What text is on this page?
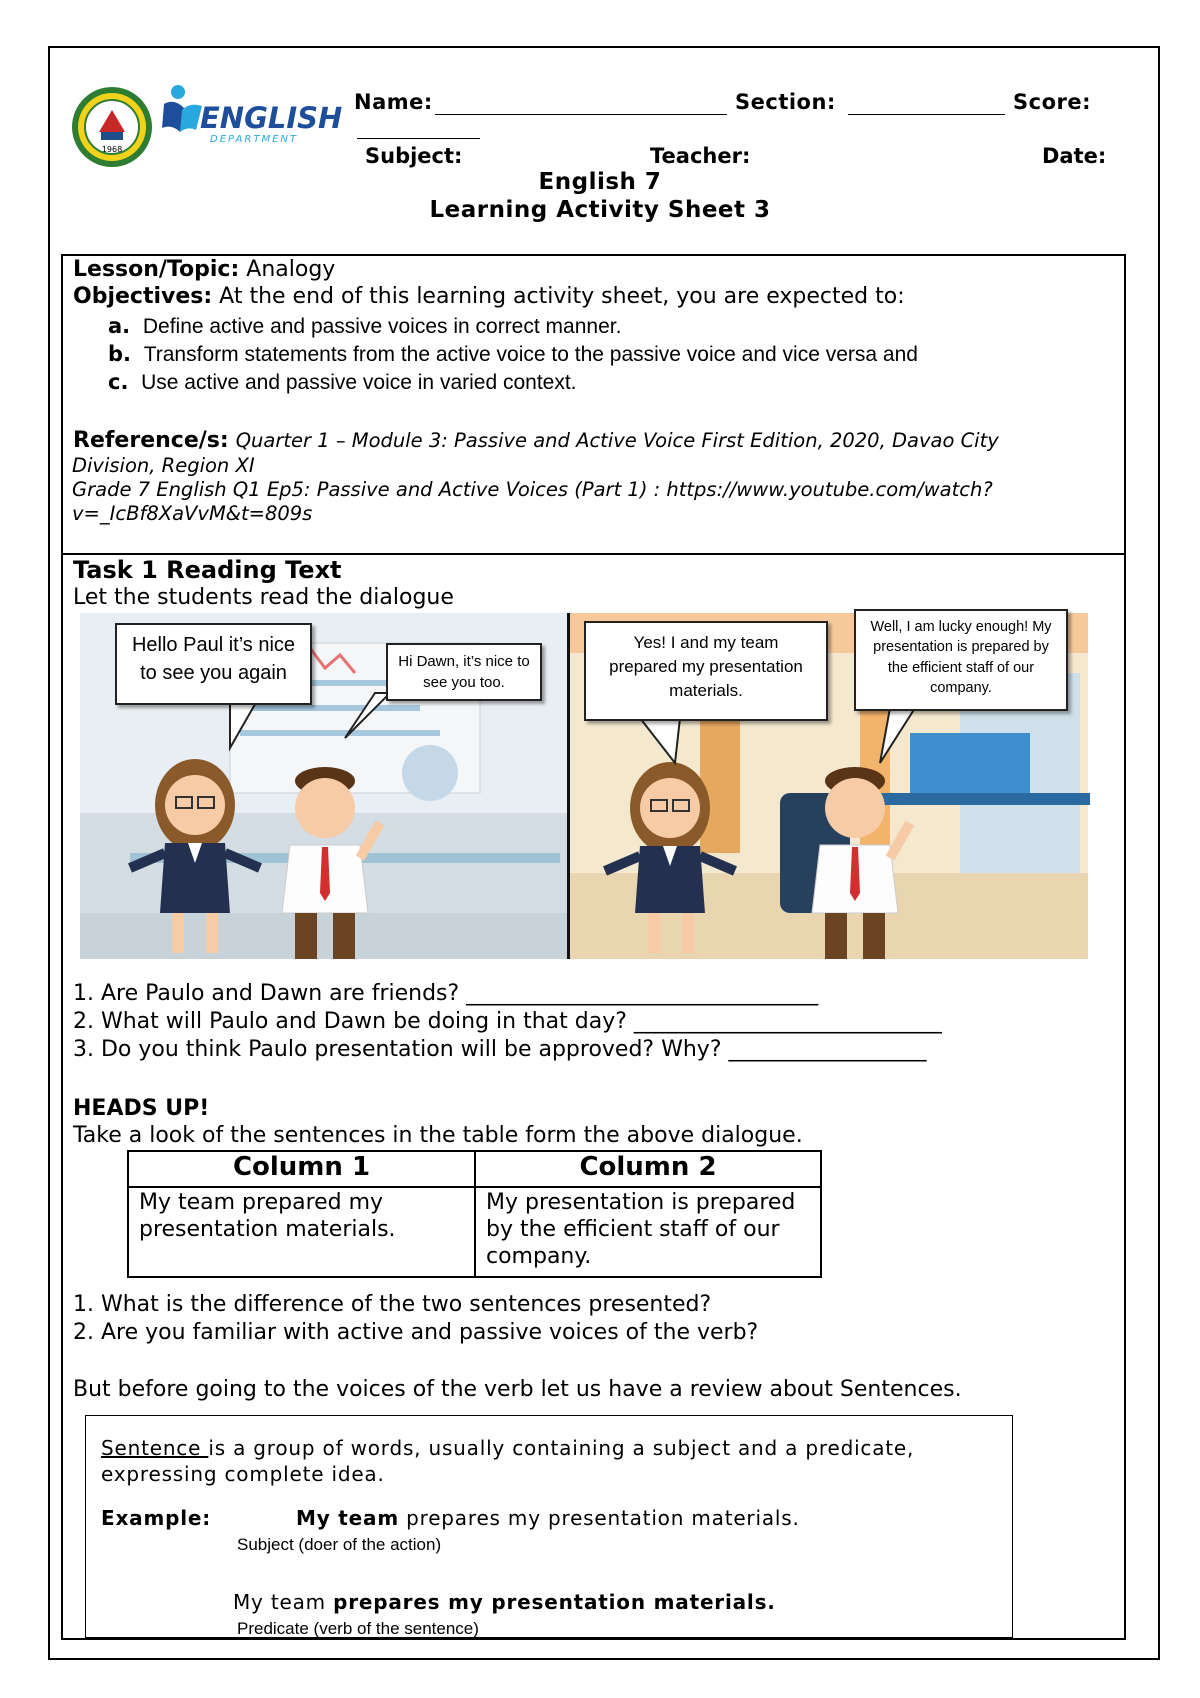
1968
ENGLISH
DEPARTMENT
Name:	Section:	Score:
Subject:	Teacher:	Date:
English 7
Learning Activity Sheet 3
Lesson/Topic: Analogy
Objectives: At the end of this learning activity sheet, you are expected to:
a. Define active and passive voices in correct manner.
b. Transform statements from the active voice to the passive voice and vice versa and
c. Use active and passive voice in varied context.
Reference/s: Quarter 1 – Module 3: Passive and Active Voice First Edition, 2020, Davao City
Division, Region XI
Grade 7 English Q1 Ep5: Passive and Active Voices (Part 1) : https://www.youtube.com/watch?
v=_IcBf8XaVvM&t=809s
Task 1 Reading Text
Let the students read the dialogue
Hello Paul it’s nice to see you again
Hi Dawn, it’s nice to see you too.
Yes! I and my team prepared my presentation materials.
Well, I am lucky enough! My presentation is prepared by the efficient staff of our company.
1. Are Paulo and Dawn are friends? ________________________________
2. What will Paulo and Dawn be doing in that day? ____________________________
3. Do you think Paulo presentation will be approved? Why? __________________
HEADS UP!
Take a look of the sentences in the table form the above dialogue.
Column 1	Column 2
My team prepared my presentation materials.	My presentation is prepared by the efficient staff of our company.
1. What is the difference of the two sentences presented?
2. Are you familiar with active and passive voices of the verb?
But before going to the voices of the verb let us have a review about Sentences.
Sentence is a group of words, usually containing a subject and a predicate,
expressing complete idea.
Example:	My team prepares my presentation materials.
Subject (doer of the action)
My team prepares my presentation materials.
Predicate (verb of the sentence)
